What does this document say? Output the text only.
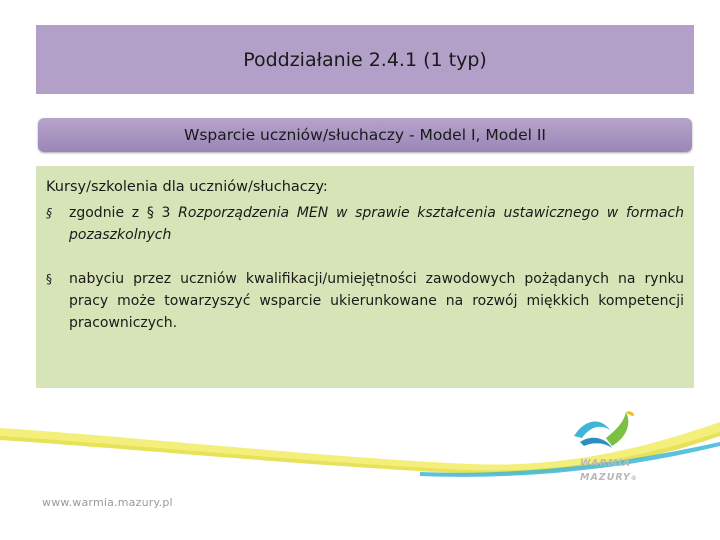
Poddziałanie 2.4.1 (1 typ)
Wsparcie uczniów/słuchaczy - Model I, Model II
Kursy/szkolenia dla uczniów/słuchaczy:
§ zgodnie z § 3 Rozporządzenia MEN w sprawie kształcenia ustawicznego w formach pozaszkolnych
§ nabyciu przez uczniów kwalifikacji/umiejętności zawodowych pożądanych na rynku pracy może towarzyszyć wsparcie ukierunkowane na rozwój miękkich kompetencji pracowniczych.
WARMIA
MAZURY®
www.warmia.mazury.pl
